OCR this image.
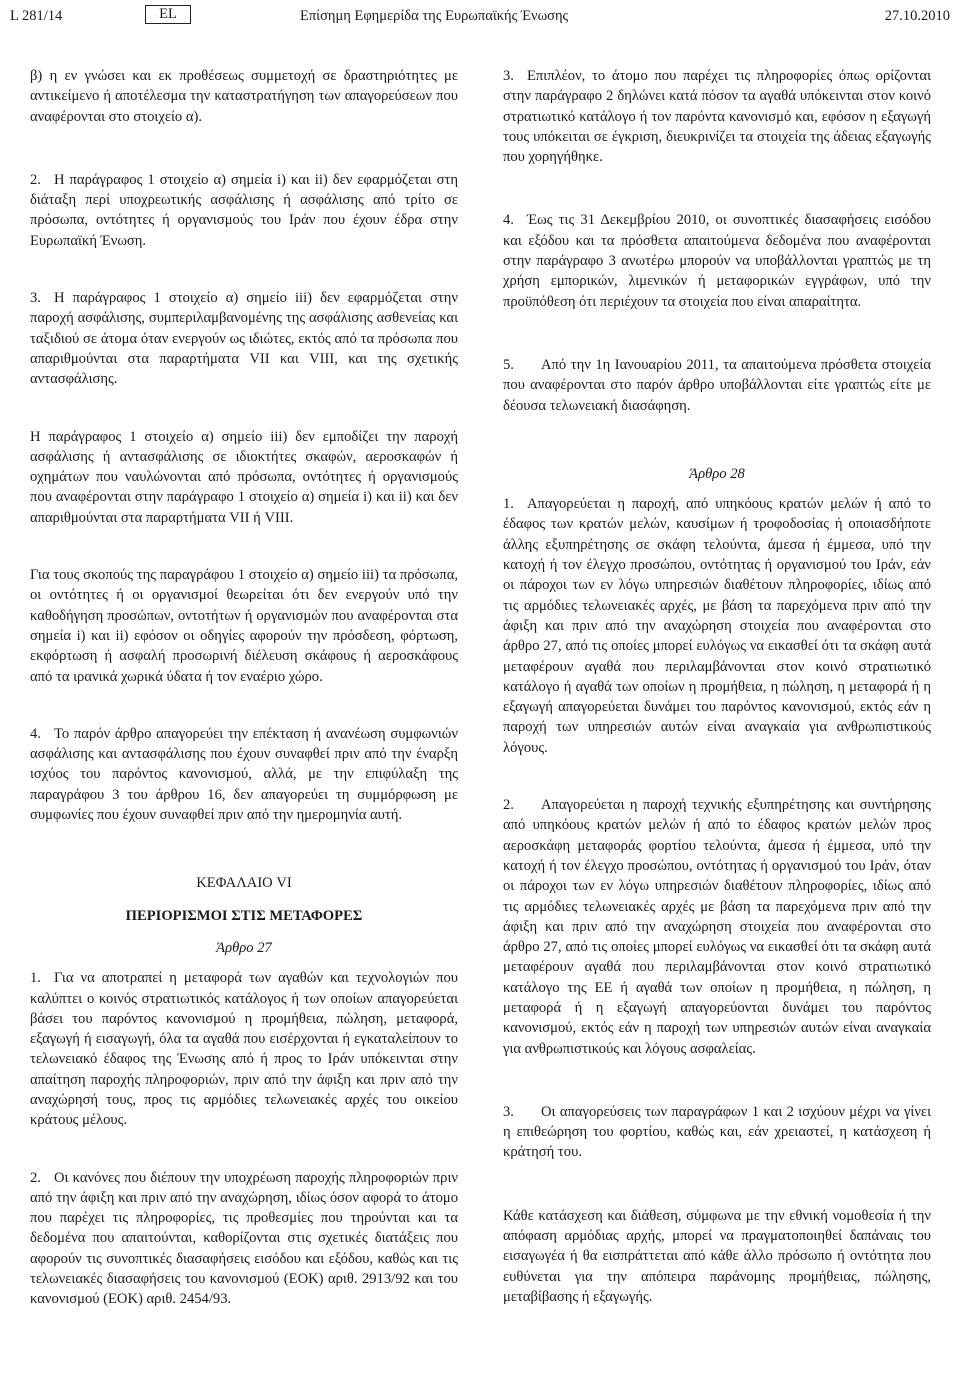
L 281/14	EL	Επίσημη Εφημερίδα της Ευρωπαϊκής Ένωσης	27.10.2010

β) η εν γνώσει και εκ προθέσεως συμμετοχή σε δραστηριότητες με αντικείμενο ή αποτέλεσμα την καταστρατήγηση των απαγορεύσεων που αναφέρονται στο στοιχείο α).

2. Η παράγραφος 1 στοιχείο α) σημεία i) και ii) δεν εφαρμόζεται στη διάταξη περί υποχρεωτικής ασφάλισης ή ασφάλισης από τρίτο σε πρόσωπα, οντότητες ή οργανισμούς του Ιράν που έχουν έδρα στην Ευρωπαϊκή Ένωση.

3. Η παράγραφος 1 στοιχείο α) σημείο iii) δεν εφαρμόζεται στην παροχή ασφάλισης, συμπεριλαμβανομένης της ασφάλισης ασθενείας και ταξιδιού σε άτομα όταν ενεργούν ως ιδιώτες, εκτός από τα πρόσωπα που απαριθμούνται στα παραρτήματα VII και VIII, και της σχετικής αντασφάλισης.

Η παράγραφος 1 στοιχείο α) σημείο iii) δεν εμποδίζει την παροχή ασφάλισης ή αντασφάλισης σε ιδιοκτήτες σκαφών, αεροσκαφών ή οχημάτων που ναυλώνονται από πρόσωπα, οντότητες ή οργανισμούς που αναφέρονται στην παράγραφο 1 στοιχείο α) σημεία i) και ii) και δεν απαριθμούνται στα παραρτήματα VII ή VIII.

Για τους σκοπούς της παραγράφου 1 στοιχείο α) σημείο iii) τα πρόσωπα, οι οντότητες ή οι οργανισμοί θεωρείται ότι δεν ενεργούν υπό την καθοδήγηση προσώπων, οντοτήτων ή οργανισμών που αναφέρονται στα σημεία i) και ii) εφόσον οι οδηγίες αφορούν την πρόσδεση, φόρτωση, εκφόρτωση ή ασφαλή προσωρινή διέλευση σκάφους ή αεροσκάφους από τα ιρανικά χωρικά ύδατα ή τον εναέριο χώρο.

4. Το παρόν άρθρο απαγορεύει την επέκταση ή ανανέωση συμφωνιών ασφάλισης και αντασφάλισης που έχουν συναφθεί πριν από την έναρξη ισχύος του παρόντος κανονισμού, αλλά, με την επιφύλαξη της παραγράφου 3 του άρθρου 16, δεν απαγορεύει τη συμμόρφωση με συμφωνίες που έχουν συναφθεί πριν από την ημερομηνία αυτή.

ΚΕΦΑΛΑΙΟ VI

ΠΕΡΙΟΡΙΣΜΟΙ ΣΤΙΣ ΜΕΤΑΦΟΡΕΣ

Άρθρο 27

1. Για να αποτραπεί η μεταφορά των αγαθών και τεχνολογιών που καλύπτει ο κοινός στρατιωτικός κατάλογος ή των οποίων απαγορεύεται βάσει του παρόντος κανονισμού η προμήθεια, πώληση, μεταφορά, εξαγωγή ή εισαγωγή, όλα τα αγαθά που εισέρχονται ή εγκαταλείπουν το τελωνειακό έδαφος της Ένωσης από ή προς το Ιράν υπόκεινται στην απαίτηση παροχής πληροφοριών, πριν από την άφιξη και πριν από την αναχώρησή τους, προς τις αρμόδιες τελωνειακές αρχές του οικείου κράτους μέλους.

2. Οι κανόνες που διέπουν την υποχρέωση παροχής πληροφοριών πριν από την άφιξη και πριν από την αναχώρηση, ιδίως όσον αφορά το άτομο που παρέχει τις πληροφορίες, τις προθεσμίες που τηρούνται και τα δεδομένα που απαιτούνται, καθορίζονται στις σχετικές διατάξεις που αφορούν τις συνοπτικές διασαφήσεις εισόδου και εξόδου, καθώς και τις τελωνειακές διασαφήσεις του κανονισμού (ΕΟΚ) αριθ. 2913/92 και του κανονισμού (ΕΟΚ) αριθ. 2454/93.

3. Επιπλέον, το άτομο που παρέχει τις πληροφορίες όπως ορίζονται στην παράγραφο 2 δηλώνει κατά πόσον τα αγαθά υπόκεινται στον κοινό στρατιωτικό κατάλογο ή τον παρόντα κανονισμό και, εφόσον η εξαγωγή τους υπόκειται σε έγκριση, διευκρινίζει τα στοιχεία της άδειας εξαγωγής που χορηγήθηκε.

4. Έως τις 31 Δεκεμβρίου 2010, οι συνοπτικές διασαφήσεις εισόδου και εξόδου και τα πρόσθετα απαιτούμενα δεδομένα που αναφέρονται στην παράγραφο 3 ανωτέρω μπορούν να υποβάλλονται γραπτώς με τη χρήση εμπορικών, λιμενικών ή μεταφορικών εγγράφων, υπό την προϋπόθεση ότι περιέχουν τα στοιχεία που είναι απαραίτητα.

5. Από την 1η Ιανουαρίου 2011, τα απαιτούμενα πρόσθετα στοιχεία που αναφέρονται στο παρόν άρθρο υποβάλλονται είτε γραπτώς είτε με δέουσα τελωνειακή διασάφηση.

Άρθρο 28

1. Απαγορεύεται η παροχή, από υπηκόους κρατών μελών ή από το έδαφος των κρατών μελών, καυσίμων ή τροφοδοσίας ή οποιασδήποτε άλλης εξυπηρέτησης σε σκάφη τελούντα, άμεσα ή έμμεσα, υπό την κατοχή ή τον έλεγχο προσώπου, οντότητας ή οργανισμού του Ιράν, εάν οι πάροχοι των εν λόγω υπηρεσιών διαθέτουν πληροφορίες, ιδίως από τις αρμόδιες τελωνειακές αρχές, με βάση τα παρεχόμενα πριν από την άφιξη και πριν από την αναχώρηση στοιχεία που αναφέρονται στο άρθρο 27, από τις οποίες μπορεί ευλόγως να εικασθεί ότι τα σκάφη αυτά μεταφέρουν αγαθά που περιλαμβάνονται στον κοινό στρατιωτικό κατάλογο ή αγαθά των οποίων η προμήθεια, η πώληση, η μεταφορά ή η εξαγωγή απαγορεύεται δυνάμει του παρόντος κανονισμού, εκτός εάν η παροχή των υπηρεσιών αυτών είναι αναγκαία για ανθρωπιστικούς λόγους.

2. Απαγορεύεται η παροχή τεχνικής εξυπηρέτησης και συντήρησης από υπηκόους κρατών μελών ή από το έδαφος κρατών μελών προς αεροσκάφη μεταφοράς φορτίου τελούντα, άμεσα ή έμμεσα, υπό την κατοχή ή τον έλεγχο προσώπου, οντότητας ή οργανισμού του Ιράν, όταν οι πάροχοι των εν λόγω υπηρεσιών διαθέτουν πληροφορίες, ιδίως από τις αρμόδιες τελωνειακές αρχές με βάση τα παρεχόμενα πριν από την άφιξη και πριν από την αναχώρηση στοιχεία που αναφέρονται στο άρθρο 27, από τις οποίες μπορεί ευλόγως να εικασθεί ότι τα σκάφη αυτά μεταφέρουν αγαθά που περιλαμβάνονται στον κοινό στρατιωτικό κατάλογο της ΕΕ ή αγαθά των οποίων η προμήθεια, η πώληση, η μεταφορά ή η εξαγωγή απαγορεύονται δυνάμει του παρόντος κανονισμού, εκτός εάν η παροχή των υπηρεσιών αυτών είναι αναγκαία για ανθρωπιστικούς και λόγους ασφαλείας.

3. Οι απαγορεύσεις των παραγράφων 1 και 2 ισχύουν μέχρι να γίνει η επιθεώρηση του φορτίου, καθώς και, εάν χρειαστεί, η κατάσχεση ή κράτησή του.

Κάθε κατάσχεση και διάθεση, σύμφωνα με την εθνική νομοθεσία ή την απόφαση αρμόδιας αρχής, μπορεί να πραγματοποιηθεί δαπάναις του εισαγωγέα ή θα εισπράττεται από κάθε άλλο πρόσωπο ή οντότητα που ευθύνεται για την απόπειρα παράνομης προμήθειας, πώλησης, μεταβίβασης ή εξαγωγής.
